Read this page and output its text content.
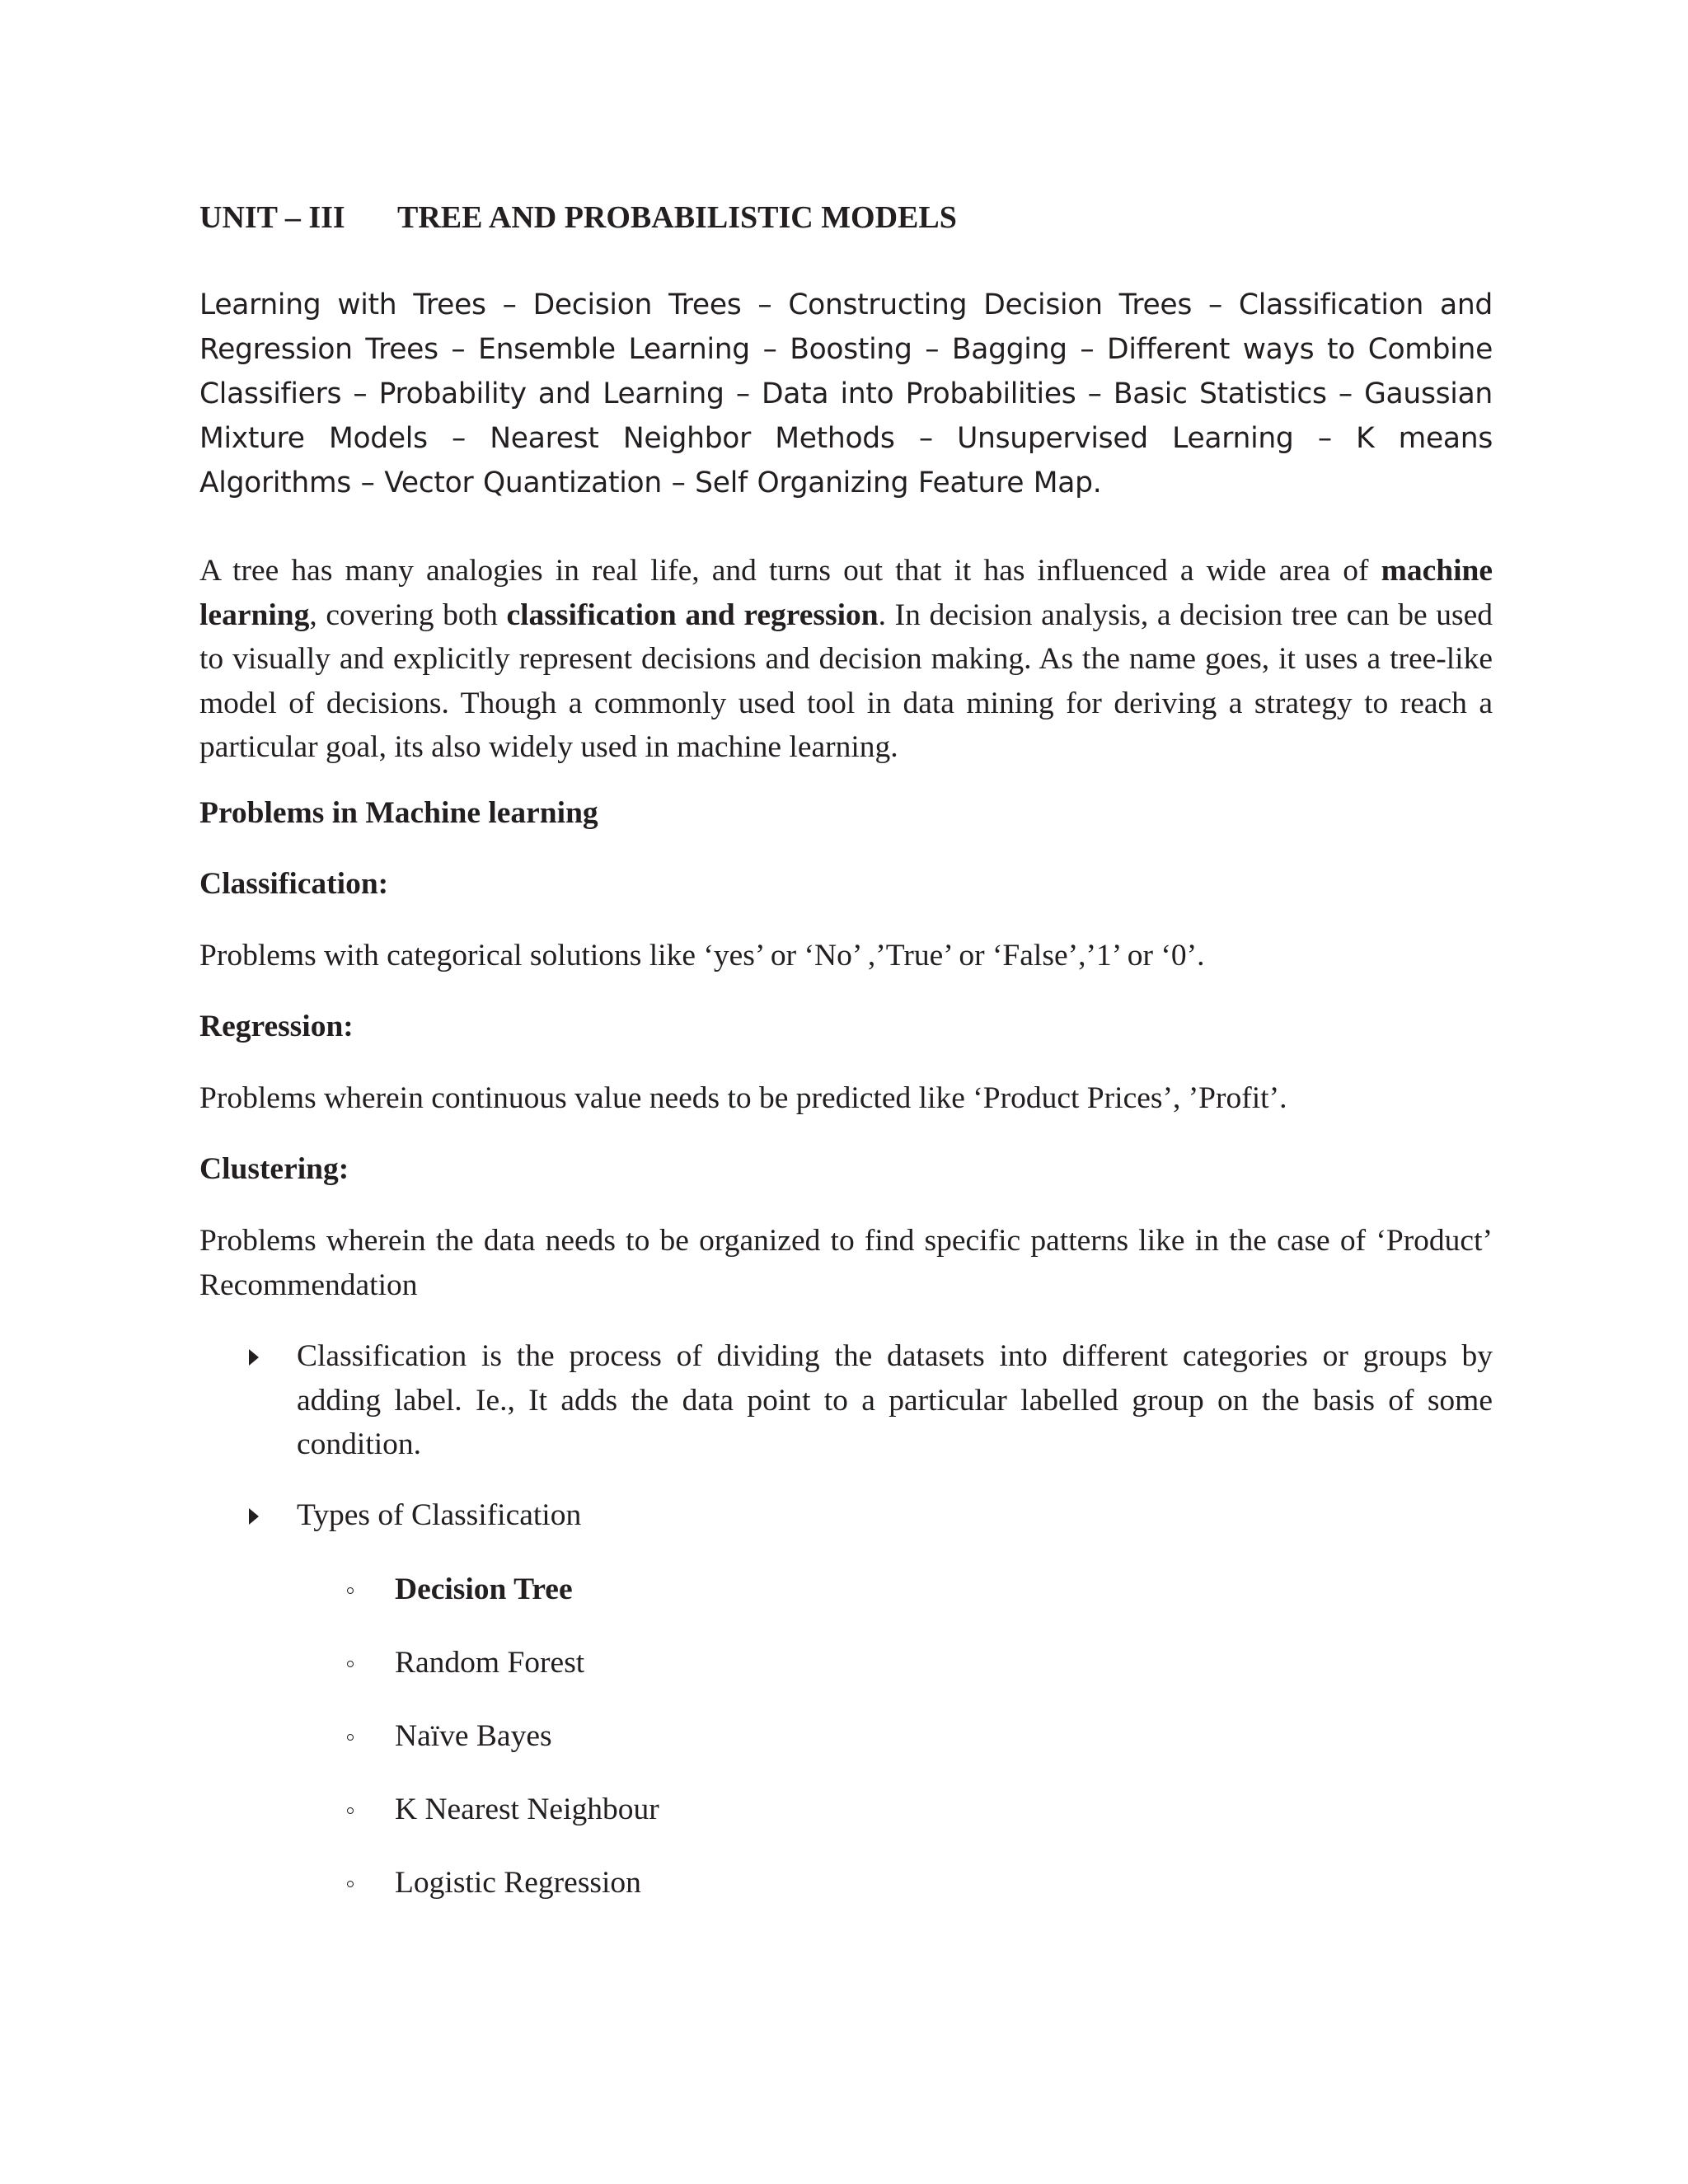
UNIT – III TREE AND PROBABILISTIC MODELS
Learning with Trees – Decision Trees – Constructing Decision Trees – Classification and Regression Trees – Ensemble Learning – Boosting – Bagging – Different ways to Combine Classifiers – Probability and Learning – Data into Probabilities – Basic Statistics – Gaussian Mixture Models – Nearest Neighbor Methods – Unsupervised Learning – K means Algorithms – Vector Quantization – Self Organizing Feature Map.
A tree has many analogies in real life, and turns out that it has influenced a wide area of machine learning, covering both classification and regression. In decision analysis, a decision tree can be used to visually and explicitly represent decisions and decision making. As the name goes, it uses a tree-like model of decisions. Though a commonly used tool in data mining for deriving a strategy to reach a particular goal, its also widely used in machine learning.
Problems in Machine learning
Classification:
Problems with categorical solutions like ‘yes’ or ‘No’ ,’True’ or ‘False’,’1’ or ‘0’.
Regression:
Problems wherein continuous value needs to be predicted like ‘Product Prices’, ’Profit’.
Clustering:
Problems wherein the data needs to be organized to find specific patterns like in the case of ‘Product’ Recommendation
Classification is the process of dividing the datasets into different categories or groups by adding label. Ie., It adds the data point to a particular labelled group on the basis of some condition.
Types of Classification
Decision Tree
Random Forest
Naïve Bayes
K Nearest Neighbour
Logistic Regression
